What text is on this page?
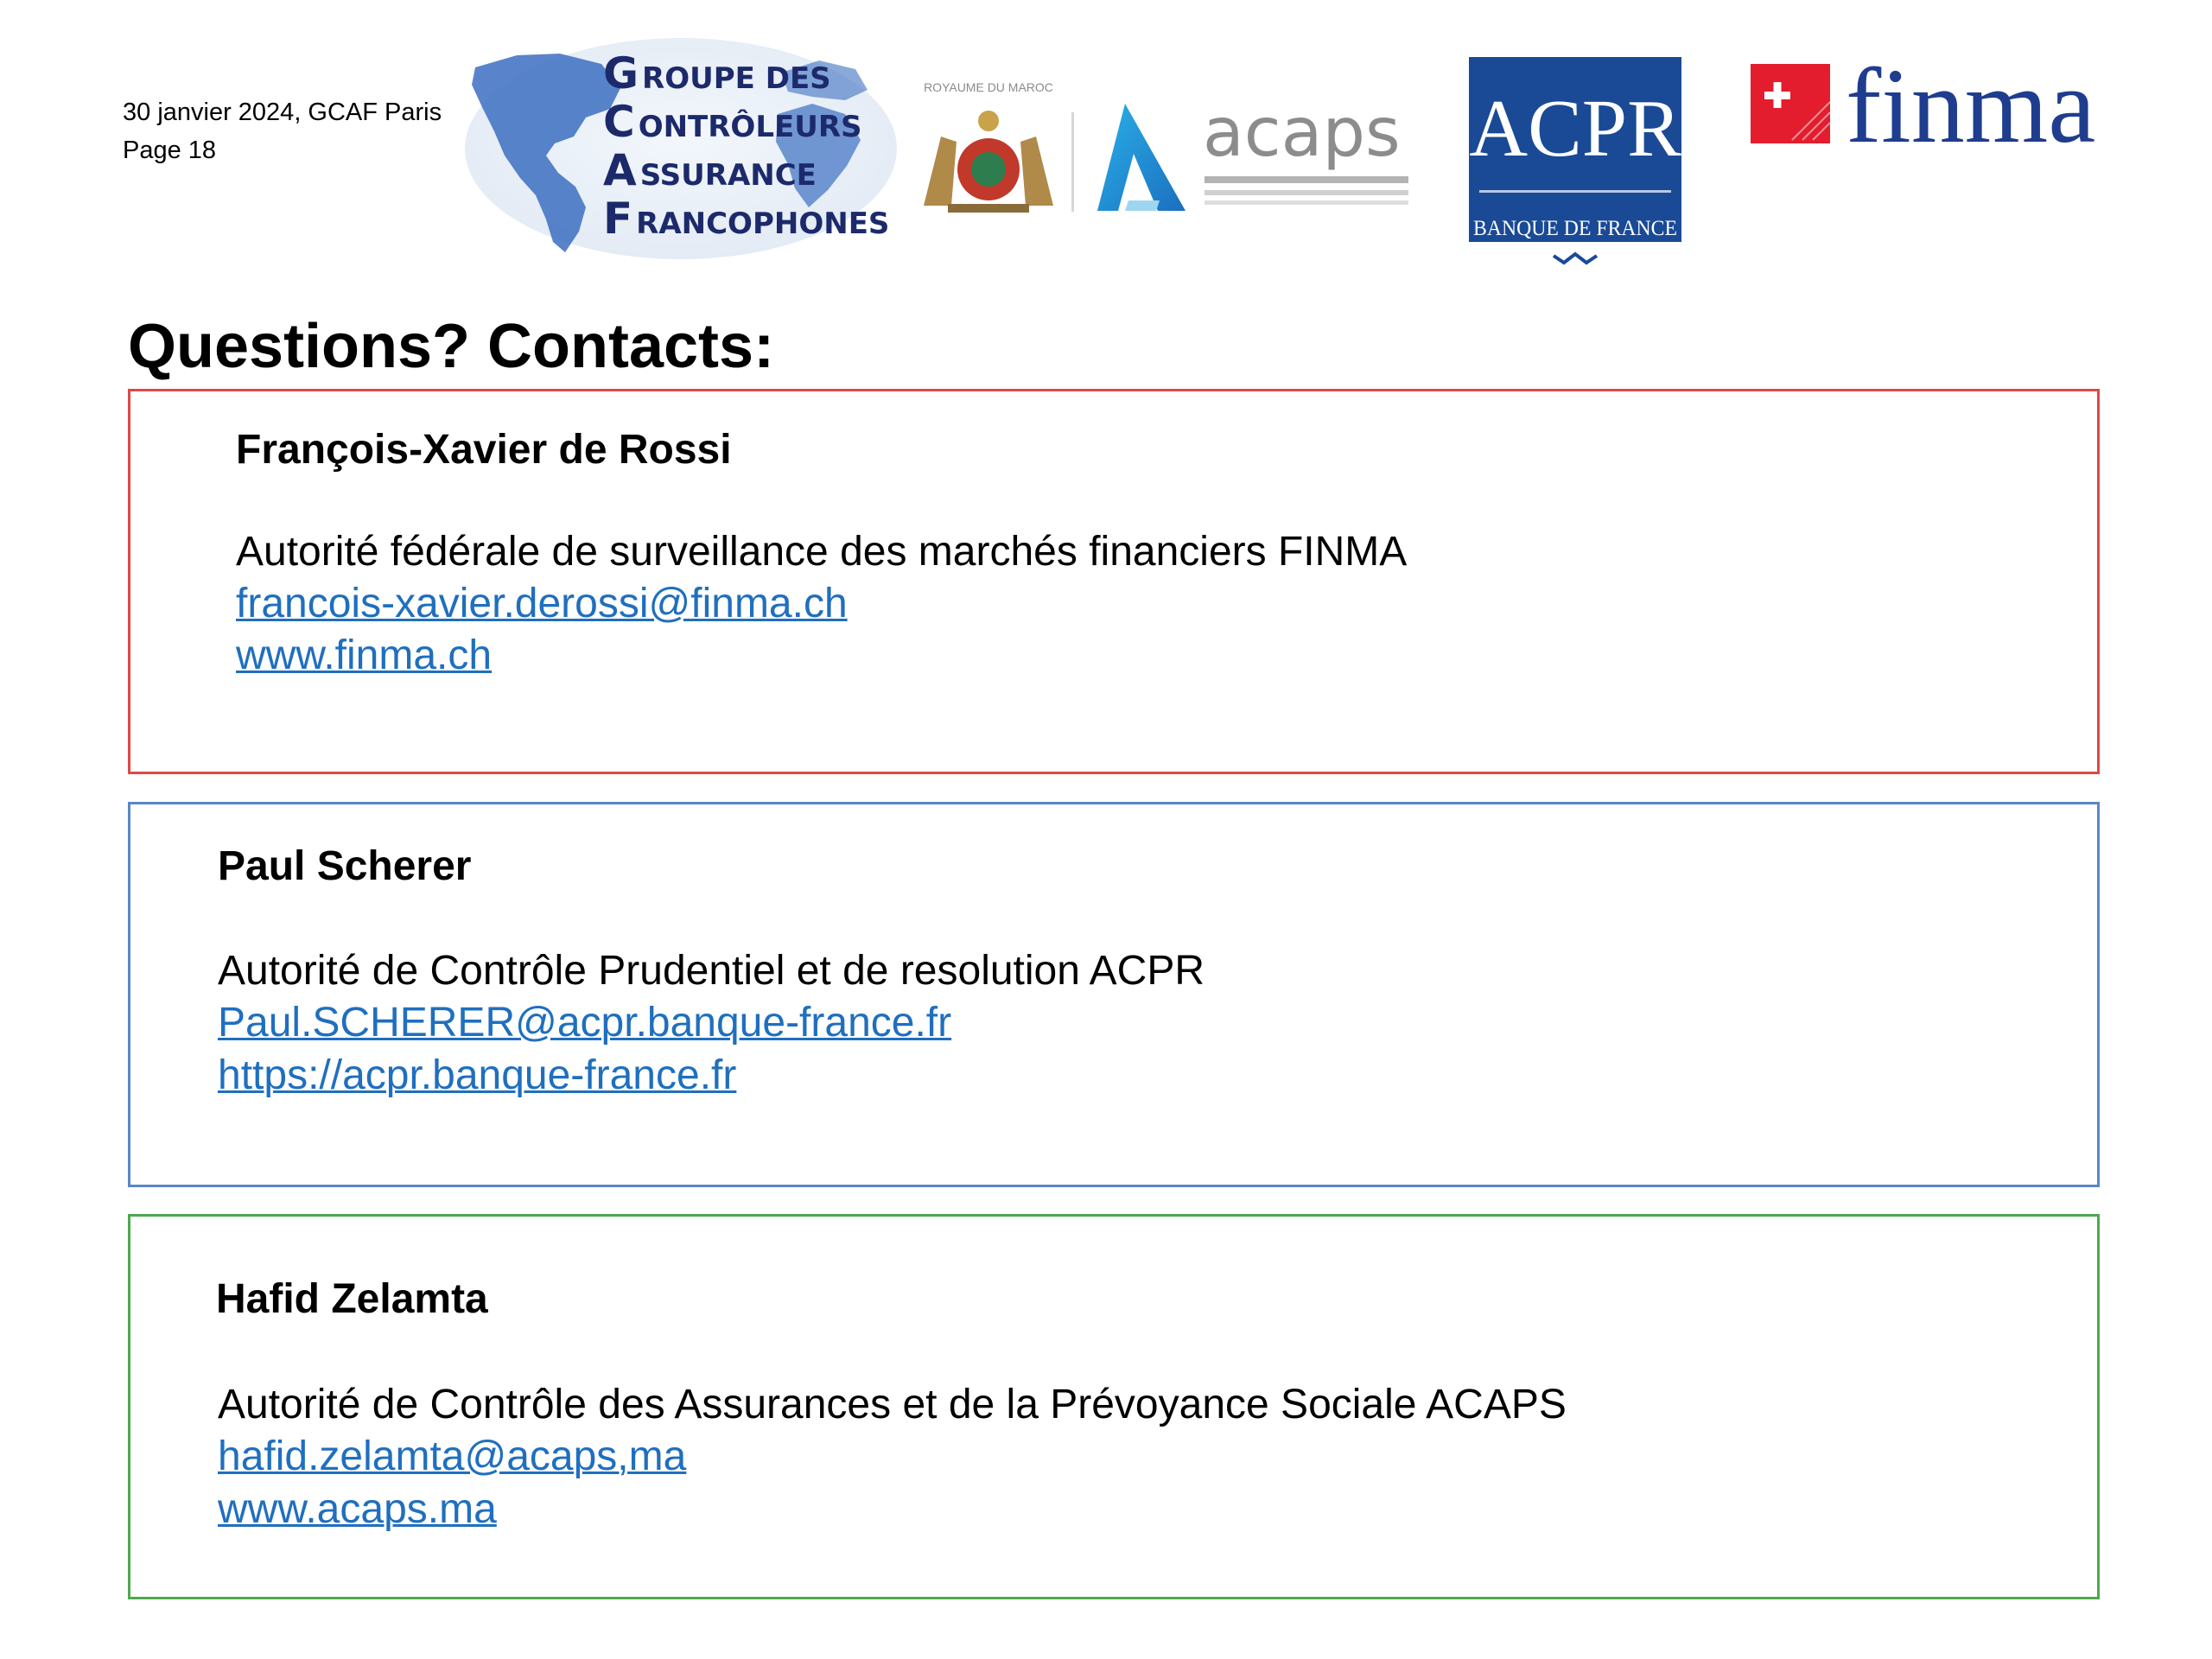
30 janvier 2024, GCAF Paris
Page 18
G ROUPE DES
C ONTRÔLEURS
A SSURANCE
F RANCOPHONES
ROYAUME DU MAROC
acaps ACPR
BANQUE DE FRANCE
finma
Questions? Contacts:
François-Xavier de Rossi
Autorité fédérale de surveillance des marchés financiers FINMA
francois-xavier.derossi@finma.ch
www.finma.ch
Paul Scherer
Autorité de Contrôle Prudentiel et de resolution ACPR
Paul.SCHERER@acpr.banque-france.fr
https://acpr.banque-france.fr
Hafid Zelamta
Autorité de Contrôle des Assurances et de la Prévoyance Sociale ACAPS
hafid.zelamta@acaps,ma
www.acaps.ma
